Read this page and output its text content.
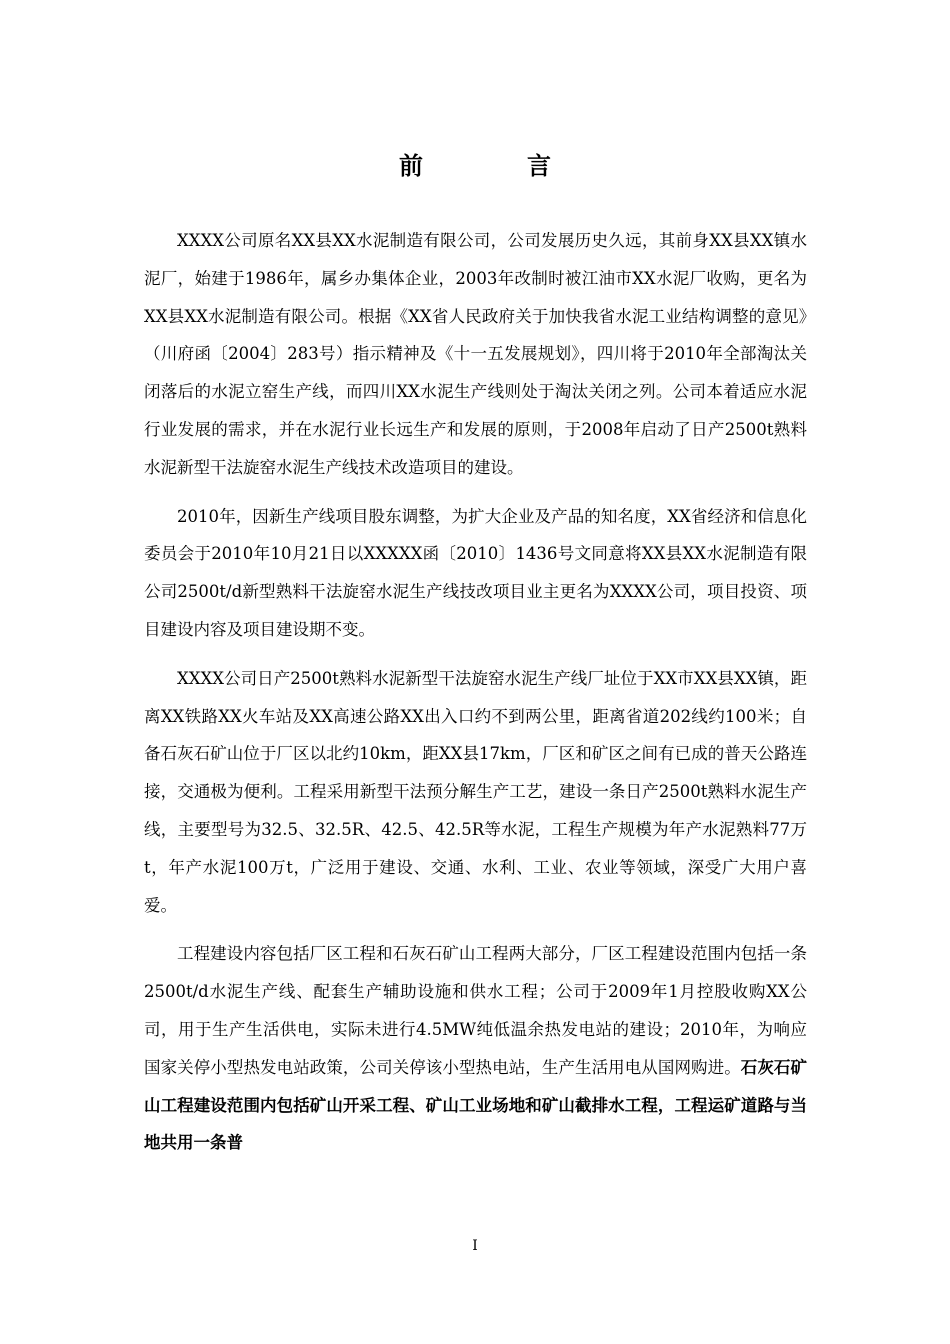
前　言

XXXX公司原名XX县XX水泥制造有限公司，公司发展历史久远，其前身XX县XX镇水泥厂，始建于1986年，属乡办集体企业，2003年改制时被江油市XX水泥厂收购，更名为XX县XX水泥制造有限公司。根据《XX省人民政府关于加快我省水泥工业结构调整的意见》（川府函〔2004〕283号）指示精神及《十一五发展规划》，四川将于2010年全部淘汰关闭落后的水泥立窑生产线，而四川XX水泥生产线则处于淘汰关闭之列。公司本着适应水泥行业发展的需求，并在水泥行业长远生产和发展的原则，于2008年启动了日产2500t熟料水泥新型干法旋窑水泥生产线技术改造项目的建设。

2010年，因新生产线项目股东调整，为扩大企业及产品的知名度，XX省经济和信息化委员会于2010年10月21日以XXXXX函〔2010〕1436号文同意将XX县XX水泥制造有限公司2500t/d新型熟料干法旋窑水泥生产线技改项目业主更名为XXXX公司，项目投资、项目建设内容及项目建设期不变。

XXXX公司日产2500t熟料水泥新型干法旋窑水泥生产线厂址位于XX市XX县XX镇，距离XX铁路XX火车站及XX高速公路XX出入口约不到两公里，距离省道202线约100米；自备石灰石矿山位于厂区以北约10km，距XX县17km，厂区和矿区之间有已成的普天公路连接，交通极为便利。工程采用新型干法预分解生产工艺，建设一条日产2500t熟料水泥生产线，主要型号为32.5、32.5R、42.5、42.5R等水泥，工程生产规模为年产水泥熟料77万t，年产水泥100万t，广泛用于建设、交通、水利、工业、农业等领域，深受广大用户喜爱。

工程建设内容包括厂区工程和石灰石矿山工程两大部分，厂区工程建设范围内包括一条2500t/d水泥生产线、配套生产辅助设施和供水工程；公司于2009年1月控股收购XX公司，用于生产生活供电，实际未进行4.5MW纯低温余热发电站的建设；2010年，为响应国家关停小型热发电站政策，公司关停该小型热电站，生产生活用电从国网购进。石灰石矿山工程建设范围内包括矿山开采工程、矿山工业场地和矿山截排水工程，工程运矿道路与当地共用一条普

I
